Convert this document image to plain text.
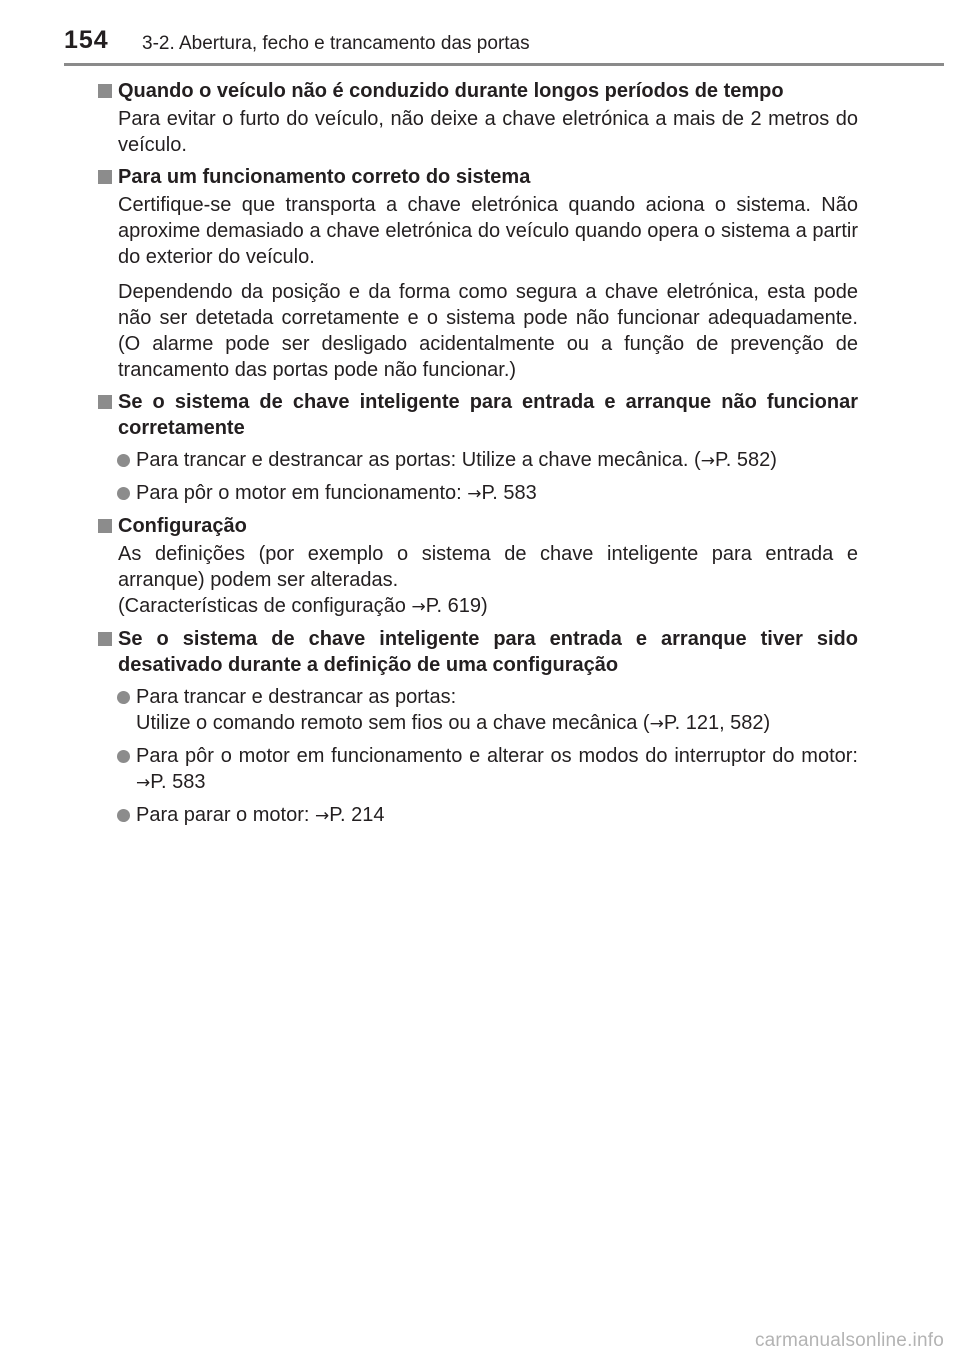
154 3-2. Abertura, fecho e trancamento das portas
Quando o veículo não é conduzido durante longos períodos de tempo
Para evitar o furto do veículo, não deixe a chave eletrónica a mais de 2 metros do veículo.
Para um funcionamento correto do sistema
Certifique-se que transporta a chave eletrónica quando aciona o sistema. Não aproxime demasiado a chave eletrónica do veículo quando opera o sistema a partir do exterior do veículo.
Dependendo da posição e da forma como segura a chave eletrónica, esta pode não ser detetada corretamente e o sistema pode não funcionar adequadamente. (O alarme pode ser desligado acidentalmente ou a função de prevenção de trancamento das portas pode não funcionar.)
Se o sistema de chave inteligente para entrada e arranque não funcionar corretamente
Para trancar e destrancar as portas: Utilize a chave mecânica. (→P. 582)
Para pôr o motor em funcionamento: →P. 583
Configuração
As definições (por exemplo o sistema de chave inteligente para entrada e arranque) podem ser alteradas.
(Características de configuração →P. 619)
Se o sistema de chave inteligente para entrada e arranque tiver sido desativado durante a definição de uma configuração
Para trancar e destrancar as portas:
Utilize o comando remoto sem fios ou a chave mecânica (→P. 121, 582)
Para pôr o motor em funcionamento e alterar os modos do interruptor do motor: →P. 583
Para parar o motor: →P. 214
carmanualsonline.info
